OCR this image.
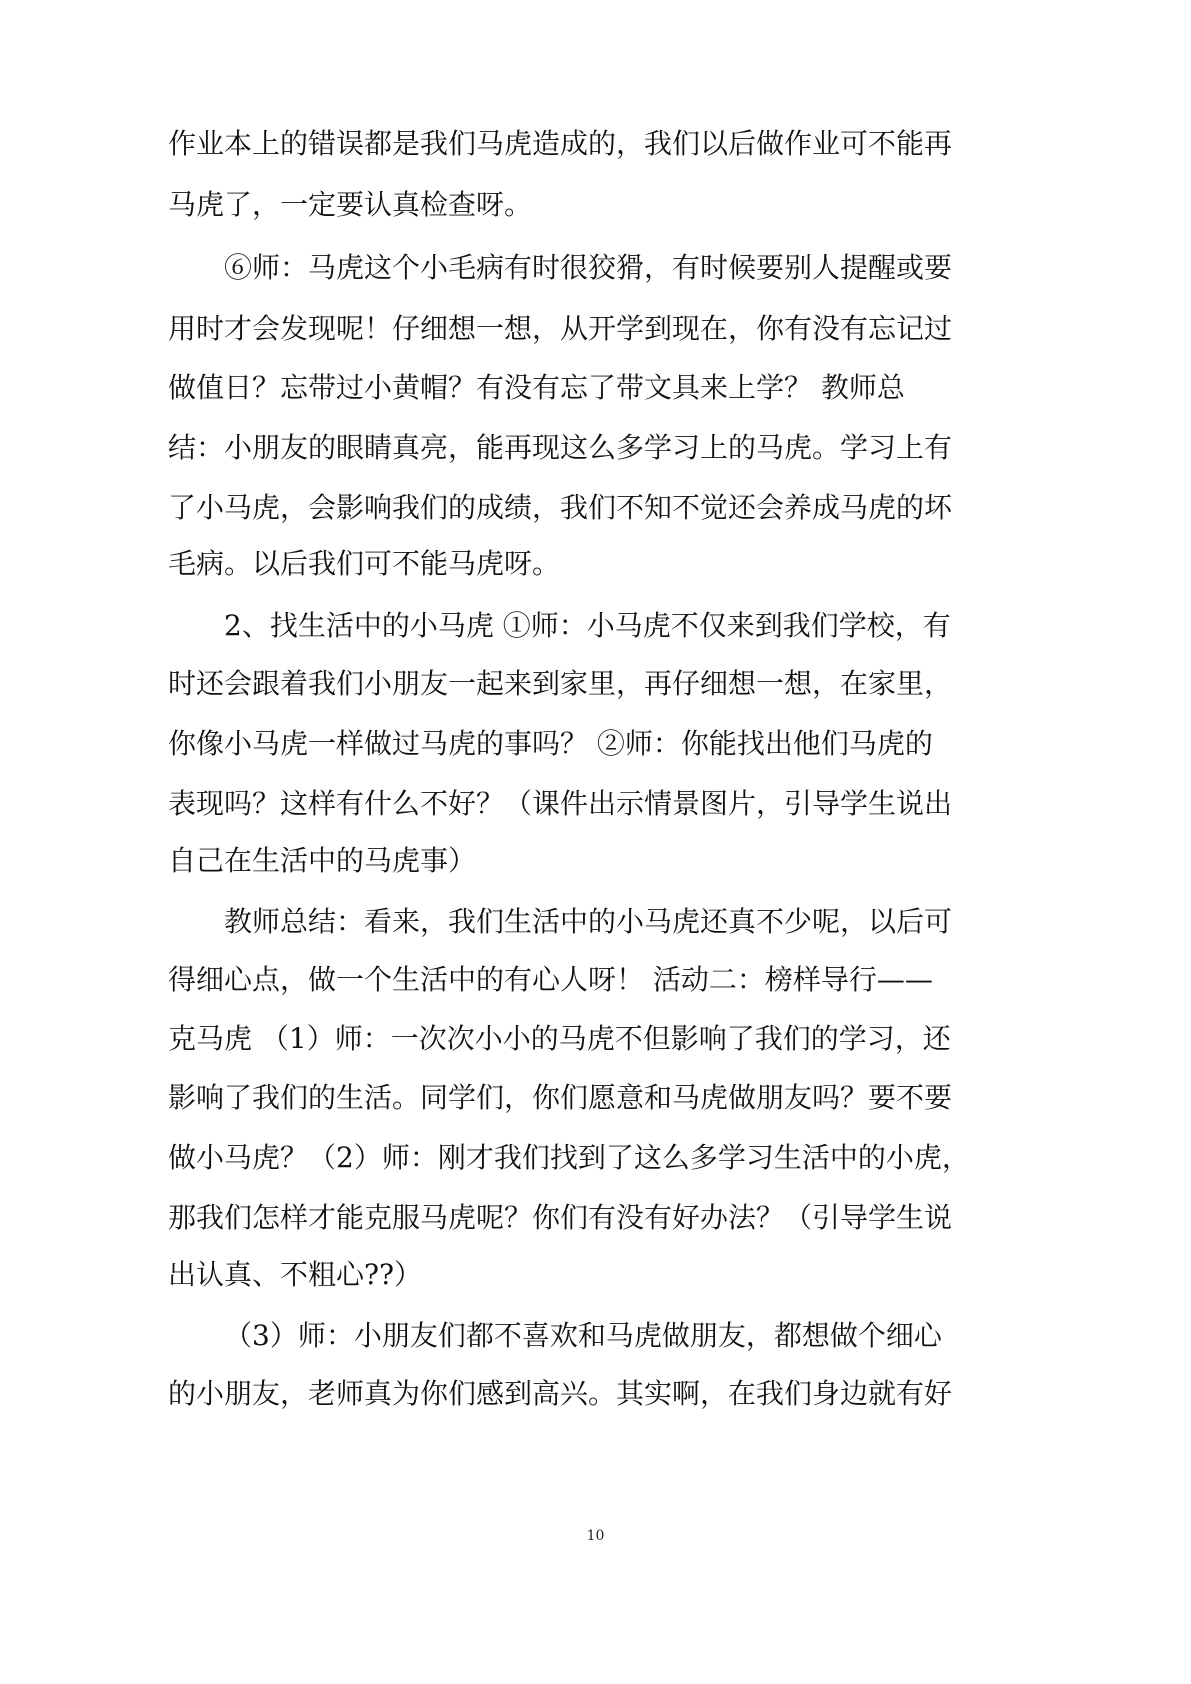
作业本上的错误都是我们马虎造成的，我们以后做作业可不能再
马虎了，一定要认真检查呀。
⑥师：马虎这个小毛病有时很狡猾，有时候要别人提醒或要
用时才会发现呢！仔细想一想，从开学到现在，你有没有忘记过
做值日？忘带过小黄帽？有没有忘了带文具来上学？ 教师总
结：小朋友的眼睛真亮，能再现这么多学习上的马虎。学习上有
了小马虎，会影响我们的成绩，我们不知不觉还会养成马虎的坏
毛病。以后我们可不能马虎呀。
2、找生活中的小马虎 ①师：小马虎不仅来到我们学校，有
时还会跟着我们小朋友一起来到家里，再仔细想一想，在家里，
你像小马虎一样做过马虎的事吗？ ②师：你能找出他们马虎的
表现吗？这样有什么不好？（课件出示情景图片，引导学生说出
自己在生活中的马虎事）
教师总结：看来，我们生活中的小马虎还真不少呢，以后可
得细心点，做一个生活中的有心人呀！ 活动二：榜样导行——
克马虎 （1）师：一次次小小的马虎不但影响了我们的学习，还
影响了我们的生活。同学们，你们愿意和马虎做朋友吗？要不要
做小马虎？（2）师：刚才我们找到了这么多学习生活中的小虎，
那我们怎样才能克服马虎呢？你们有没有好办法？（引导学生说
出认真、不粗心??）
（3）师：小朋友们都不喜欢和马虎做朋友，都想做个细心
的小朋友，老师真为你们感到高兴。其实啊，在我们身边就有好
10
